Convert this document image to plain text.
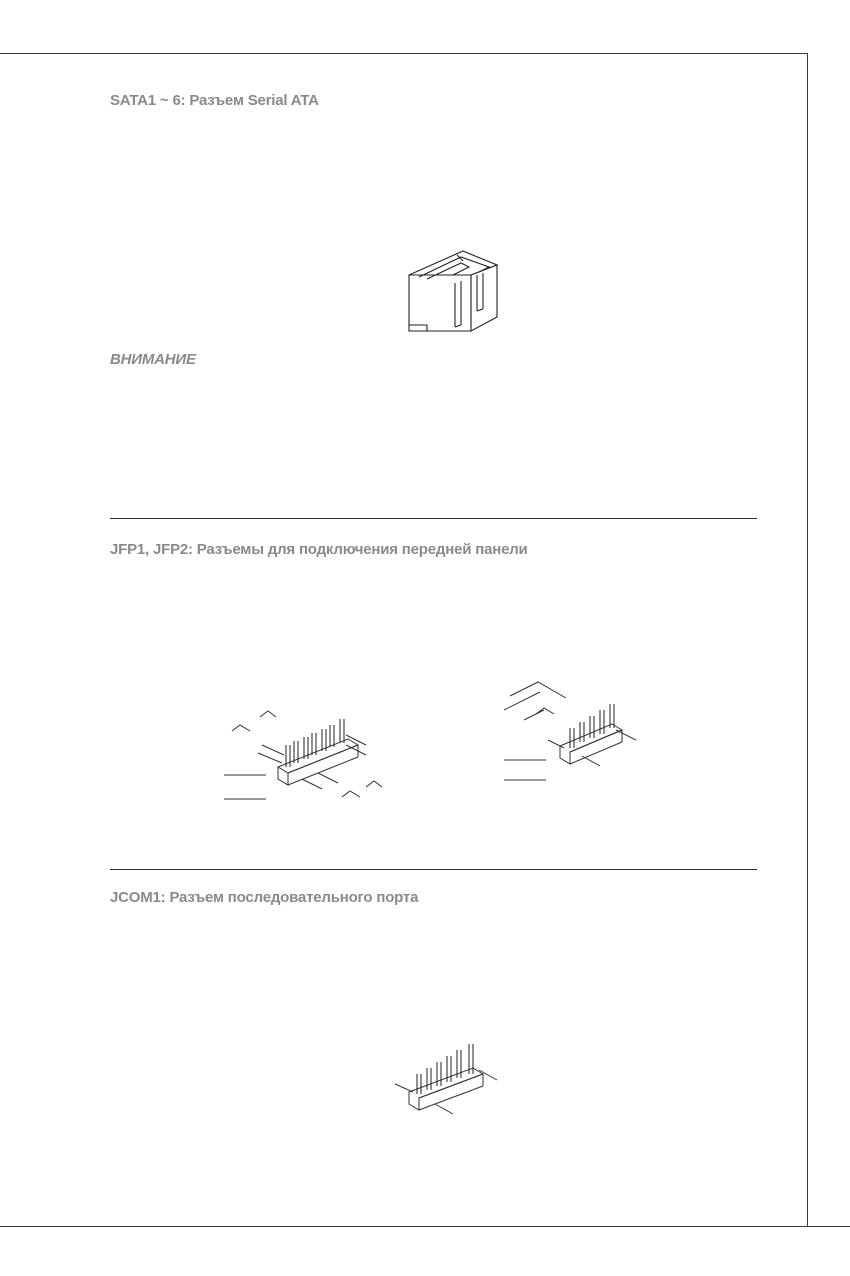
SATA1 ~ 6: Разъем Serial ATA
ВНИМАНИЕ
JFP1, JFP2: Разъемы для подключения передней панели
JCOM1: Разъем последовательного порта
